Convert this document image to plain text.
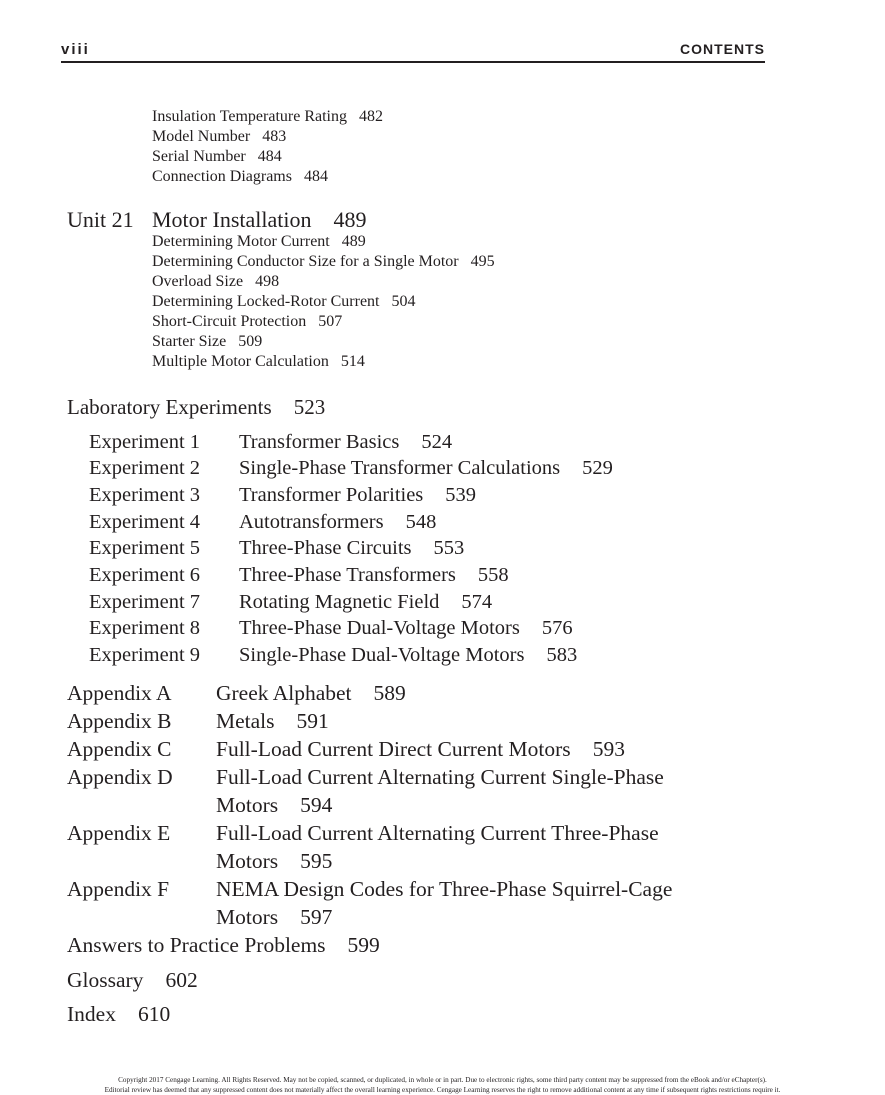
viii	CONTENTS
Insulation Temperature Rating 482
Model Number 483
Serial Number 484
Connection Diagrams 484
Unit 21 Motor Installation 489
Determining Motor Current 489
Determining Conductor Size for a Single Motor 495
Overload Size 498
Determining Locked-Rotor Current 504
Short-Circuit Protection 507
Starter Size 509
Multiple Motor Calculation 514
Laboratory Experiments 523
Experiment 1 Transformer Basics 524
Experiment 2 Single-Phase Transformer Calculations 529
Experiment 3 Transformer Polarities 539
Experiment 4 Autotransformers 548
Experiment 5 Three-Phase Circuits 553
Experiment 6 Three-Phase Transformers 558
Experiment 7 Rotating Magnetic Field 574
Experiment 8 Three-Phase Dual-Voltage Motors 576
Experiment 9 Single-Phase Dual-Voltage Motors 583
Appendix A Greek Alphabet 589
Appendix B Metals 591
Appendix C Full-Load Current Direct Current Motors 593
Appendix D Full-Load Current Alternating Current Single-Phase
Motors 594
Appendix E Full-Load Current Alternating Current Three-Phase
Motors 595
Appendix F NEMA Design Codes for Three-Phase Squirrel-Cage
Motors 597
Answers to Practice Problems 599
Glossary 602
Index 610
Copyright 2017 Cengage Learning. All Rights Reserved. May not be copied, scanned, or duplicated, in whole or in part. Due to electronic rights, some third party content may be suppressed from the eBook and/or eChapter(s).
Editorial review has deemed that any suppressed content does not materially affect the overall learning experience. Cengage Learning reserves the right to remove additional content at any time if subsequent rights restrictions require it.
